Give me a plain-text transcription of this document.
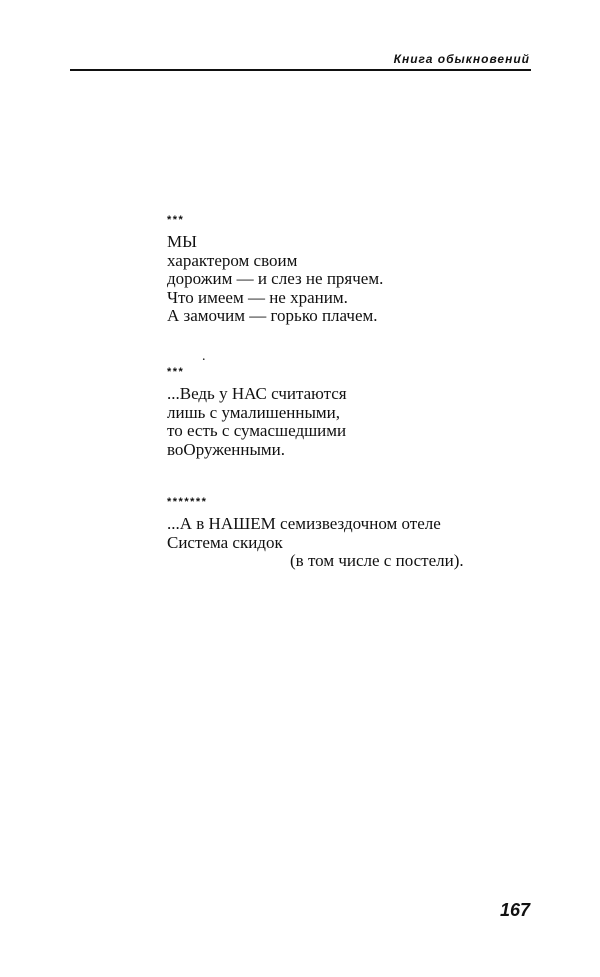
Книга обыкновений
***
МЫ
характером своим
дорожим — и слез не прячем.
Что имеем — не храним.
А замочим — горько плачем.
.
***
...Ведь у НАС считаются
лишь с умалишенными,
то есть с сумасшедшими
воОруженными.
*******
...А в НАШЕМ семизвездочном отеле
Система скидок
(в том числе с постели).
167
